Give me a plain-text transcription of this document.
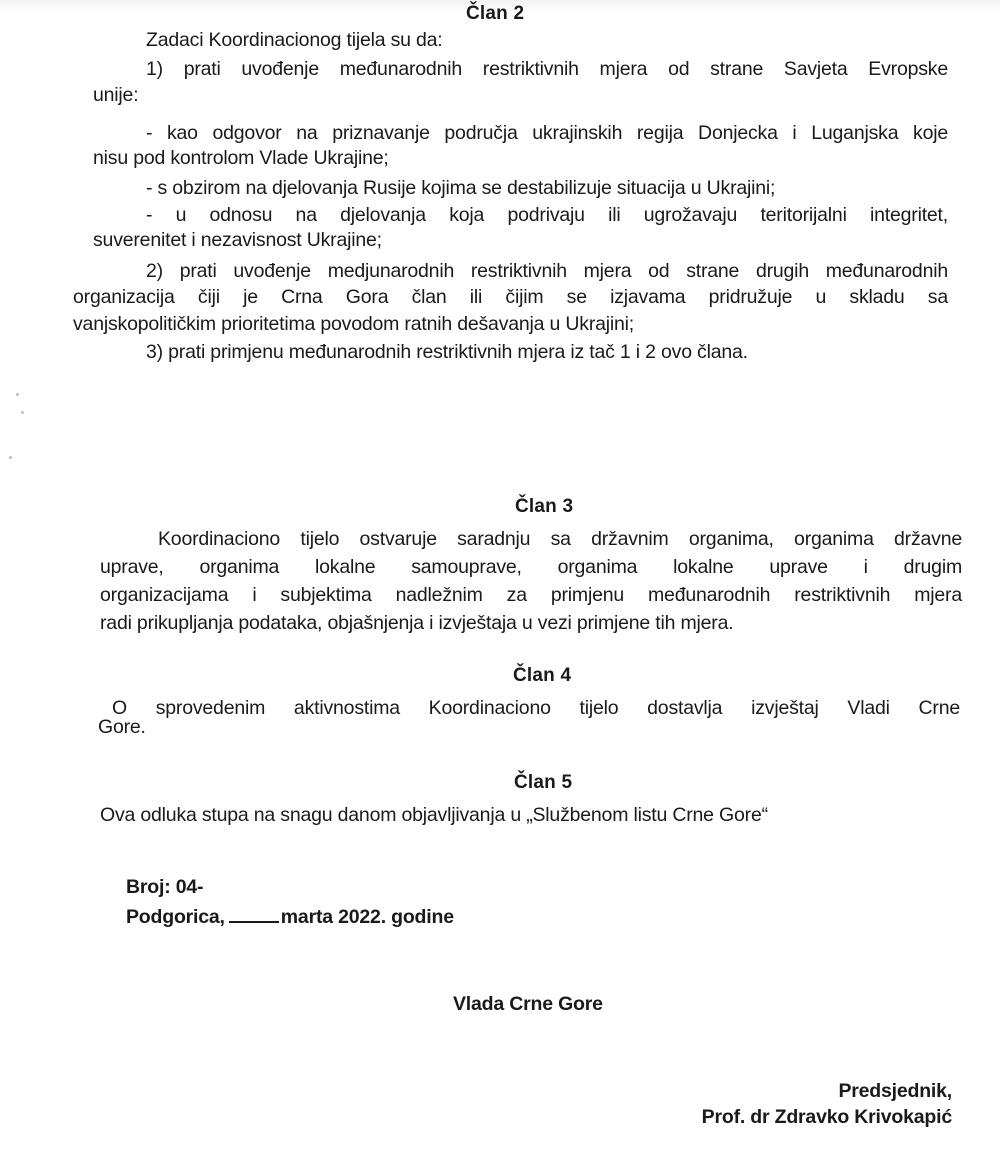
Član 2
Zadaci Koordinacionog tijela su da:
1) prati uvođenje međunarodnih restriktivnih mjera od strane Savjeta Evropske
unije:
- kao odgovor na priznavanje područja ukrajinskih regija Donjecka i Luganjska koje
nisu pod kontrolom Vlade Ukrajine;
- s obzirom na djelovanja Rusije kojima se destabilizuje situacija u Ukrajini;
- u odnosu na djelovanja koja podrivaju ili ugrožavaju teritorijalni integritet,
suverenitet i nezavisnost Ukrajine;
2) prati uvođenje medjunarodnih restriktivnih mjera od strane drugih međunarodnih
organizacija čiji je Crna Gora član ili čijim se izjavama pridružuje u skladu sa
vanjskopolitičkim prioritetima povodom ratnih dešavanja u Ukrajini;
3) prati primjenu međunarodnih restriktivnih mjera iz tač 1 i 2 ovo člana.
Član 3
Koordinaciono tijelo ostvaruje saradnju sa državnim organima, organima državne
uprave, organima lokalne samouprave, organima lokalne uprave i drugim
organizacijama i subjektima nadležnim za primjenu međunarodnih restriktivnih mjera
radi prikupljanja podataka, objašnjenja i izvještaja u vezi primjene tih mjera.
Član 4
O sprovedenim aktivnostima Koordinaciono tijelo dostavlja izvještaj Vladi Crne
Gore.
Član 5
Ova odluka stupa na snagu danom objavljivanja u „Službenom listu Crne Gore“
Broj: 04-
Podgorica,	marta 2022. godine
Vlada Crne Gore
Predsjednik,
Prof. dr Zdravko Krivokapić
